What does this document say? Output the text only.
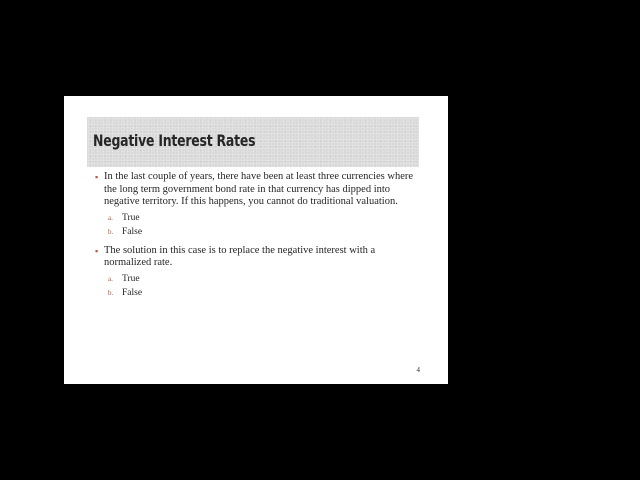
Negative Interest Rates
▪ In the last couple of years, there have been at least three currencies where the long term government bond rate in that currency has dipped into negative territory. If this happens, you cannot do traditional valuation.
a. True
b. False
▪ The solution in this case is to replace the negative interest with a normalized rate.
a. True
b. False
4
